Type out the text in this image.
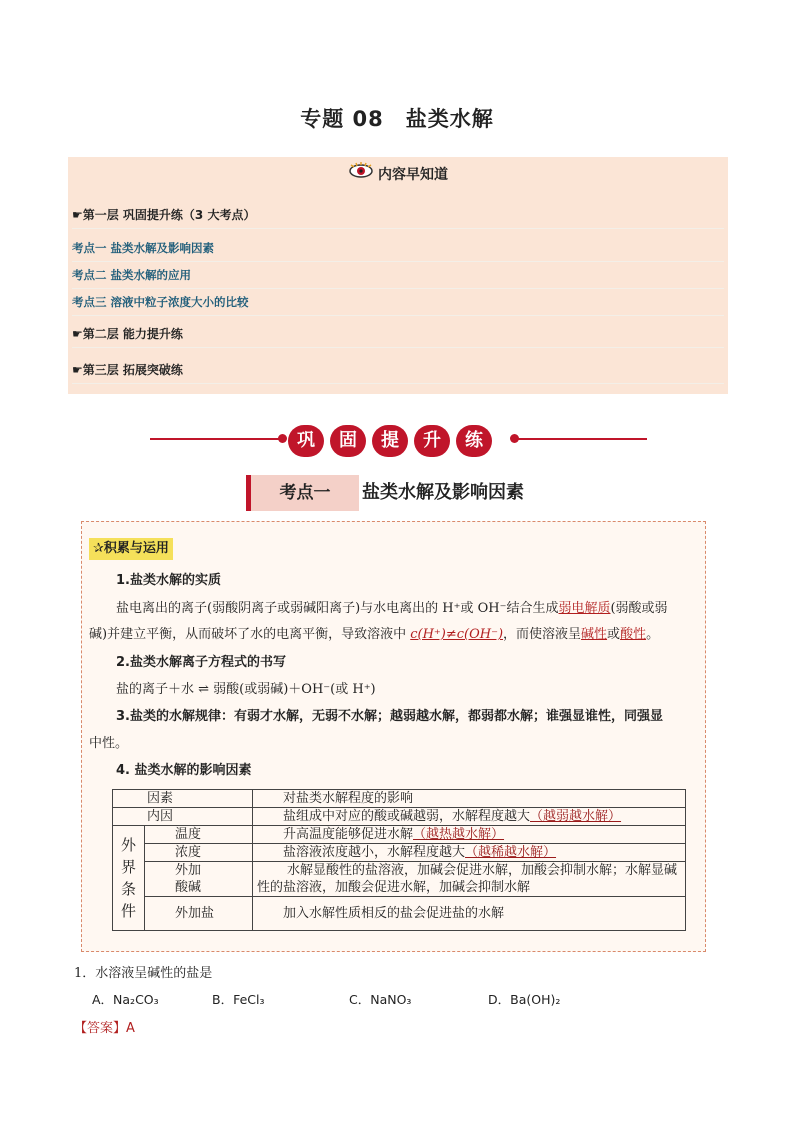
专题 08　盐类水解
内容早知道
☛第一层 巩固提升练（3 大考点）
考点一 盐类水解及影响因素
考点二 盐类水解的应用
考点三 溶液中粒子浓度大小的比较
☛第二层 能力提升练
☛第三层 拓展突破练
巩	固	提	升	练
考点一	盐类水解及影响因素
✰积累与运用
1.盐类水解的实质
盐电离出的离子(弱酸阴离子或弱碱阳离子)与水电离出的 H⁺或 OH⁻结合生成弱电解质(弱酸或弱
碱)并建立平衡，从而破坏了水的电离平衡，导致溶液中 c(H⁺)≠c(OH⁻)，而使溶液呈碱性或酸性。
2.盐类水解离子方程式的书写
盐的离子＋水 ⇌ 弱酸(或弱碱)＋OH⁻(或 H⁺)
3.盐类的水解规律：有弱才水解，无弱不水解；越弱越水解，都弱都水解；谁强显谁性，同强显
中性。
4. 盐类水解的影响因素
因素		对盐类水解程度的影响
内因		盐组成中对应的酸或碱越弱，水解程度越大（越弱越水解）
外
界
条
件	温度	升高温度能够促进水解（越热越水解）
	浓度	盐溶液浓度越小，水解程度越大（越稀越水解）
	外加
酸碱	水解显酸性的盐溶液，加碱会促进水解，加酸会抑制水解；水解显碱性的盐溶液，加酸会促进水解，加碱会抑制水解
	外加盐	加入水解性质相反的盐会促进盐的水解
1．水溶液呈碱性的盐是
A．Na₂CO₃	B．FeCl₃	C．NaNO₃	D．Ba(OH)₂
【答案】A
